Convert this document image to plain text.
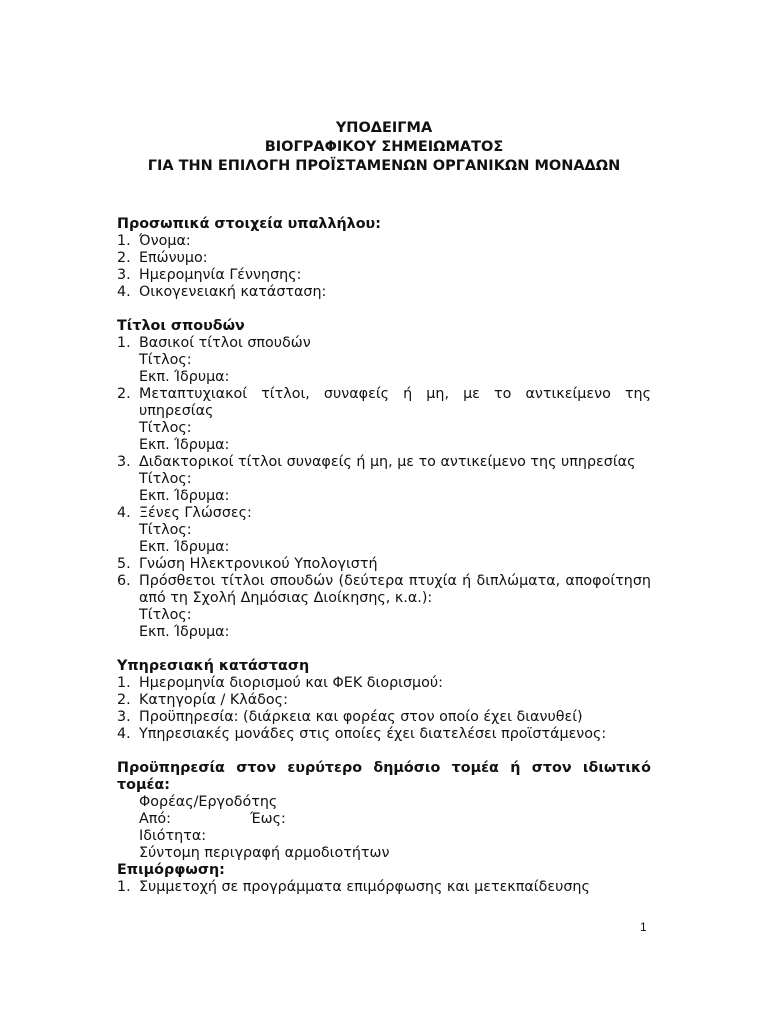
ΥΠΟΔΕΙΓΜΑ
ΒΙΟΓΡΑΦΙΚΟΥ ΣΗΜΕΙΩΜΑΤΟΣ
ΓΙΑ ΤΗΝ ΕΠΙΛΟΓΗ ΠΡΟΪΣΤΑΜΕΝΩΝ ΟΡΓΑΝΙΚΩΝ ΜΟΝΑΔΩΝ
Προσωπικά στοιχεία υπαλλήλου:
1. Όνομα:
2. Επώνυμο:
3. Ημερομηνία Γέννησης:
4. Οικογενειακή κατάσταση:
Τίτλοι σπουδών
1. Βασικοί τίτλοι σπουδών
Τίτλος:
Εκπ. Ίδρυμα:
2. Μεταπτυχιακοί τίτλοι, συναφείς ή μη, με το αντικείμενο της υπηρεσίας
Τίτλος:
Εκπ. Ίδρυμα:
3. Διδακτορικοί τίτλοι συναφείς ή μη, με το αντικείμενο της υπηρεσίας
Τίτλος:
Εκπ. Ίδρυμα:
4. Ξένες Γλώσσες:
Τίτλος:
Εκπ. Ίδρυμα:
5. Γνώση Ηλεκτρονικού Υπολογιστή
6. Πρόσθετοι τίτλοι σπουδών (δεύτερα πτυχία ή διπλώματα, αποφοίτηση από τη Σχολή Δημόσιας Διοίκησης, κ.α.):
Τίτλος:
Εκπ. Ίδρυμα:
Υπηρεσιακή κατάσταση
1. Ημερομηνία διορισμού και ΦΕΚ διορισμού:
2. Κατηγορία / Κλάδος:
3. Προϋπηρεσία: (διάρκεια και φορέας στον οποίο έχει διανυθεί)
4. Υπηρεσιακές μονάδες στις οποίες έχει διατελέσει προϊστάμενος:
Προϋπηρεσία στον ευρύτερο δημόσιο τομέα ή στον ιδιωτικό τομέα:
Φορέας/Εργοδότης
Από:	Έως:
Ιδιότητα:
Σύντομη περιγραφή αρμοδιοτήτων
Επιμόρφωση:
1. Συμμετοχή σε προγράμματα επιμόρφωσης και μετεκπαίδευσης
1
